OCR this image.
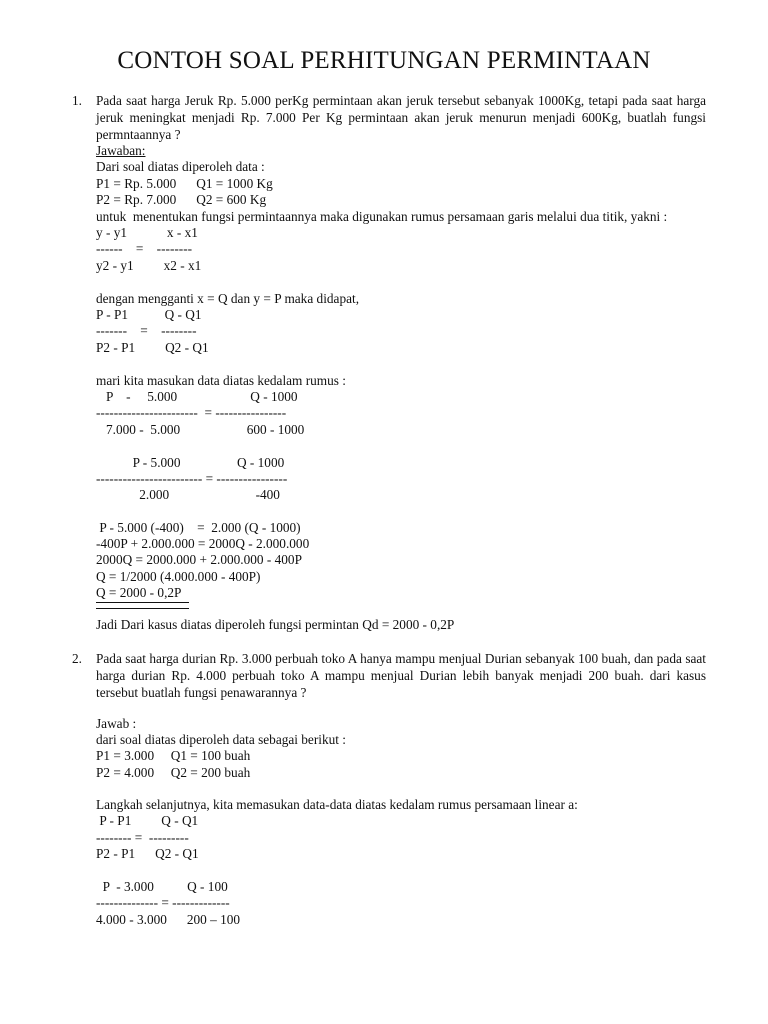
CONTOH SOAL PERHITUNGAN PERMINTAAN
1. Pada saat harga Jeruk Rp. 5.000 perKg permintaan akan jeruk tersebut sebanyak 1000Kg, tetapi pada saat harga jeruk meningkat menjadi Rp. 7.000 Per Kg permintaan akan jeruk menurun menjadi 600Kg, buatlah fungsi permntaannya ?
Jawaban:
Dari soal diatas diperoleh data :
P1 = Rp. 5.000      Q1 = 1000 Kg
P2 = Rp. 7.000      Q2 = 600 Kg
untuk  menentukan fungsi permintaannya maka digunakan rumus persamaan garis melalui dua titik, yakni :
y - y1            x - x1
------    =    --------
y2 - y1         x2 - x1
dengan mengganti x = Q dan y = P maka didapat,
P - P1           Q - Q1
-------    =    --------
P2 - P1         Q2 - Q1
mari kita masukan data diatas kedalam rumus :
P    -     5.000                      Q - 1000
-----------------------  = ----------------
7.000 -  5.000                    600 - 1000
P - 5.000                 Q - 1000
------------------------ = ----------------
2.000                          -400
P - 5.000 (-400)    =  2.000 (Q - 1000)
-400P + 2.000.000 = 2000Q - 2.000.000
2000Q = 2000.000 + 2.000.000 - 400P
Q = 1/2000 (4.000.000 - 400P)
Q = 2000 - 0,2P
Jadi Dari kasus diatas diperoleh fungsi permintan Qd = 2000 - 0,2P
2. Pada saat harga durian Rp. 3.000 perbuah toko A hanya mampu menjual Durian sebanyak 100 buah, dan pada saat harga durian Rp. 4.000 perbuah toko A mampu menjual Durian lebih banyak menjadi 200 buah. dari kasus tersebut buatlah fungsi penawarannya ?
Jawab :
dari soal diatas diperoleh data sebagai berikut :
P1 = 3.000     Q1 = 100 buah
P2 = 4.000     Q2 = 200 buah
Langkah selanjutnya, kita memasukan data-data diatas kedalam rumus persamaan linear a:
P - P1         Q - Q1
-------- =  ---------
P2 - P1      Q2 - Q1
P  - 3.000          Q - 100
-------------- = -------------
4.000 - 3.000      200 – 100
